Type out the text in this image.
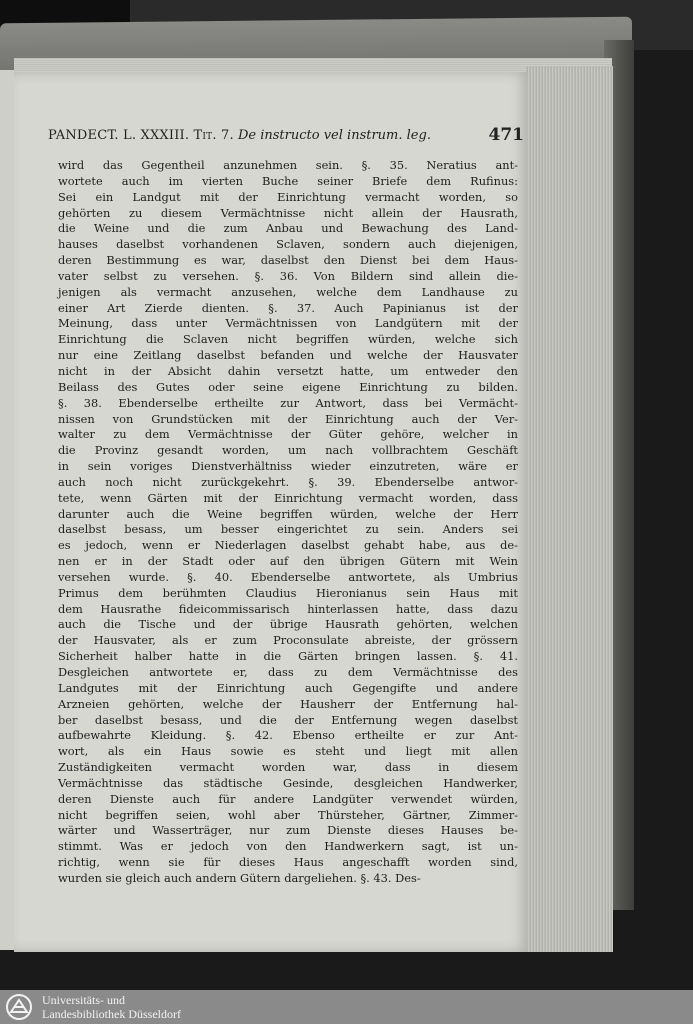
PANDECT. L. XXXIII. Tit. 7. De instructo vel instrum. leg.	471
wird das Gegentheil anzunehmen sein. §. 35. Neratius ant-
wortete auch im vierten Buche seiner Briefe dem Rufinus:
Sei ein Landgut mit der Einrichtung vermacht worden, so
gehörten zu diesem Vermächtnisse nicht allein der Hausrath,
die Weine und die zum Anbau und Bewachung des Land-
hauses daselbst vorhandenen Sclaven, sondern auch diejenigen,
deren Bestimmung es war, daselbst den Dienst bei dem Haus-
vater selbst zu versehen. §. 36. Von Bildern sind allein die-
jenigen als vermacht anzusehen, welche dem Landhause zu
einer Art Zierde dienten. §. 37. Auch Papinianus ist der
Meinung, dass unter Vermächtnissen von Landgütern mit der
Einrichtung die Sclaven nicht begriffen würden, welche sich
nur eine Zeitlang daselbst befanden und welche der Hausvater
nicht in der Absicht dahin versetzt hatte, um entweder den
Beilass des Gutes oder seine eigene Einrichtung zu bilden.
§. 38. Ebenderselbe ertheilte zur Antwort, dass bei Vermächt-
nissen von Grundstücken mit der Einrichtung auch der Ver-
walter zu dem Vermächtnisse der Güter gehöre, welcher in
die Provinz gesandt worden, um nach vollbrachtem Geschäft
in sein voriges Dienstverhältniss wieder einzutreten, wäre er
auch noch nicht zurückgekehrt. §. 39. Ebenderselbe antwor-
tete, wenn Gärten mit der Einrichtung vermacht worden, dass
darunter auch die Weine begriffen würden, welche der Herr
daselbst besass, um besser eingerichtet zu sein. Anders sei
es jedoch, wenn er Niederlagen daselbst gehabt habe, aus de-
nen er in der Stadt oder auf den übrigen Gütern mit Wein
versehen wurde. §. 40. Ebenderselbe antwortete, als Umbrius
Primus dem berühmten Claudius Hieronianus sein Haus mit
dem Hausrathe fideicommissarisch hinterlassen hatte, dass dazu
auch die Tische und der übrige Hausrath gehörten, welchen
der Hausvater, als er zum Proconsulate abreiste, der grössern
Sicherheit halber hatte in die Gärten bringen lassen. §. 41.
Desgleichen antwortete er, dass zu dem Vermächtnisse des
Landgutes mit der Einrichtung auch Gegengifte und andere
Arzneien gehörten, welche der Hausherr der Entfernung hal-
ber daselbst besass, und die der Entfernung wegen daselbst
aufbewahrte Kleidung. §. 42. Ebenso ertheilte er zur Ant-
wort, als ein Haus sowie es steht und liegt mit allen
Zuständigkeiten vermacht worden war, dass in diesem
Vermächtnisse das städtische Gesinde, desgleichen Handwerker,
deren Dienste auch für andere Landgüter verwendet würden,
nicht begriffen seien, wohl aber Thürsteher, Gärtner, Zimmer-
wärter und Wasserträger, nur zum Dienste dieses Hauses be-
stimmt. Was er jedoch von den Handwerkern sagt, ist un-
richtig, wenn sie für dieses Haus angeschafft worden sind,
wurden sie gleich auch andern Gütern dargeliehen. §. 43. Des-
Universitäts- und
Landesbibliothek Düsseldorf
